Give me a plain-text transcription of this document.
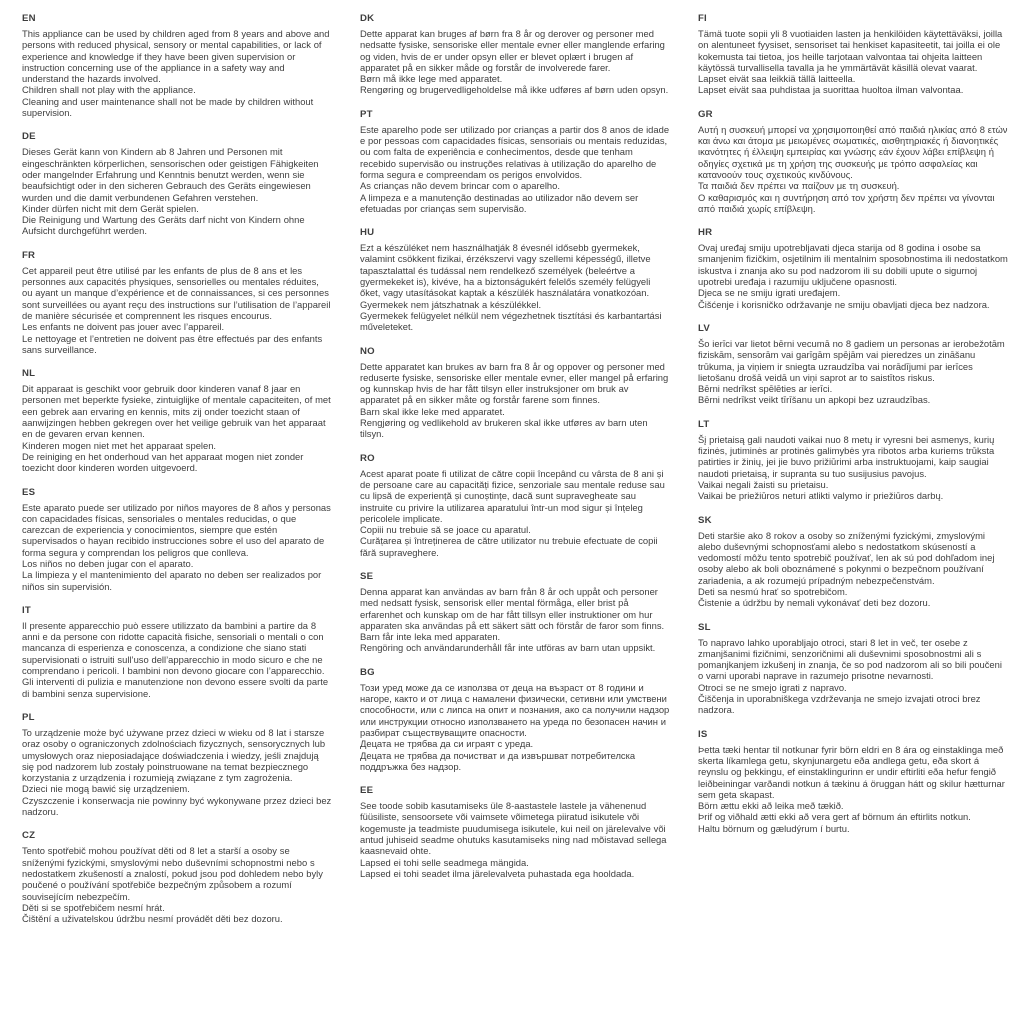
EN

This appliance can be used by children aged from 8 years and above and persons with reduced physical, sensory or mental capabilities, or lack of experience and knowledge if they have been given supervision or instruction concerning use of the appliance in a safety way and understand the hazards involved.

Children shall not play with the appliance.

Cleaning and user maintenance shall not be made by children without supervision.

DE

Dieses Gerät kann von Kindern ab 8 Jahren und Personen mit eingeschränkten körperlichen, sensorischen oder geistigen Fähigkeiten oder mangelnder Erfahrung und Kenntnis benutzt werden, wenn sie beaufsichtigt oder in den sicheren Gebrauch des Geräts eingewiesen wurden und die damit verbundenen Gefahren verstehen.

Kinder dürfen nicht mit dem Gerät spielen.

Die Reinigung und Wartung des Geräts darf nicht von Kindern ohne Aufsicht durchgeführt werden.

FR

Cet appareil peut être utilisé par les enfants de plus de 8 ans et les personnes aux capacités physiques, sensorielles ou mentales réduites, ou ayant un manque d’expérience et de connaissances, si ces personnes sont surveillées ou ayant reçu des instructions sur l’utilisation de l’appareil de manière sécurisée et comprennent les risques encourus.

Les enfants ne doivent pas jouer avec l’appareil.

Le nettoyage et l’entretien ne doivent pas être effectués par des enfants sans surveillance.

NL

Dit apparaat is geschikt voor gebruik door kinderen vanaf 8 jaar en personen met beperkte fysieke, zintuiglijke of mentale capaciteiten, of met een gebrek aan ervaring en kennis, mits zij onder toezicht staan of aanwijzingen hebben gekregen over het veilige gebruik van het apparaat en de gevaren ervan kennen.

Kinderen mogen niet met het apparaat spelen.

De reiniging en het onderhoud van het apparaat mogen niet zonder toezicht door kinderen worden uitgevoerd.

ES

Este aparato puede ser utilizado por niños mayores de 8 años y personas con capacidades físicas, sensoriales o mentales reducidas, o que carezcan de experiencia y conocimientos, siempre que estén supervisados o hayan recibido instrucciones sobre el uso del aparato de forma segura y comprendan los peligros que conlleva.

Los niños no deben jugar con el aparato.

La limpieza y el mantenimiento del aparato no deben ser realizados por niños sin supervisión.

IT

Il presente apparecchio può essere utilizzato da bambini a partire da 8 anni e da persone con ridotte capacità fisiche, sensoriali o mentali o con mancanza di esperienza e conoscenza, a condizione che siano stati supervisionati o istruiti sull’uso dell’apparecchio in modo sicuro e che ne comprendano i pericoli. I bambini non devono giocare con l’apparecchio.

Gli interventi di pulizia e manutenzione non devono essere svolti da parte di bambini senza supervisione.

PL

To urządzenie może być używane przez dzieci w wieku od 8 lat i starsze oraz osoby o ograniczonych zdolnościach fizycznych, sensorycznych lub umysłowych oraz nieposiadające doświadczenia i wiedzy, jeśli znajdują się pod nadzorem lub zostały poinstruowane na temat bezpiecznego korzystania z urządzenia i rozumieją związane z tym zagrożenia.

Dzieci nie mogą bawić się urządzeniem.

Czyszczenie i konserwacja nie powinny być wykonywane przez dzieci bez nadzoru.

CZ

Tento spotřebič mohou používat děti od 8 let a starší a osoby se sníženými fyzickými, smyslovými nebo duševními schopnostmi nebo s nedostatkem zkušeností a znalostí, pokud jsou pod dohledem nebo byly poučené o používání spotřebiče bezpečným způsobem a rozumí souvisejícím nebezpečím.

Děti si se spotřebičem nesmí hrát.

Čištění a uživatelskou údržbu nesmí provádět děti bez dozoru.

DK

Dette apparat kan bruges af børn fra 8 år og derover og personer med nedsatte fysiske, sensoriske eller mentale evner eller manglende erfaring og viden, hvis de er under opsyn eller er blevet oplært i brugen af apparatet på en sikker måde og forstår de involverede farer.

Børn må ikke lege med apparatet.

Rengøring og brugervedligeholdelse må ikke udføres af børn uden opsyn.

PT

Este aparelho pode ser utilizado por crianças a partir dos 8 anos de idade e por pessoas com capacidades físicas, sensoriais ou mentais reduzidas, ou com falta de experiência e conhecimentos, desde que tenham recebido supervisão ou instruções relativas à utilização do aparelho de forma segura e compreendam os perigos envolvidos.

As crianças não devem brincar com o aparelho.

A limpeza e a manutenção destinadas ao utilizador não devem ser efetuadas por crianças sem supervisão.

HU

Ezt a készüléket nem használhatják 8 évesnél idősebb gyermekek, valamint csökkent fizikai, érzékszervi vagy szellemi képességű, illetve tapasztalattal és tudással nem rendelkező személyek (beleértve a gyermekeket is), kivéve, ha a biztonságukért felelős személy felügyeli őket, vagy utasításokat kaptak a készülék használatára vonatkozóan.

Gyermekek nem játszhatnak a készülékkel.

Gyermekek felügyelet nélkül nem végezhetnek tisztítási és karbantartási műveleteket.

NO

Dette apparatet kan brukes av barn fra 8 år og oppover og personer med reduserte fysiske, sensoriske eller mentale evner, eller mangel på erfaring og kunnskap hvis de har fått tilsyn eller instruksjoner om bruk av apparatet på en sikker måte og forstår farene som finnes.

Barn skal ikke leke med apparatet.

Rengjøring og vedlikehold av brukeren skal ikke utføres av barn uten tilsyn.

RO

Acest aparat poate fi utilizat de către copii începând cu vârsta de 8 ani și de persoane care au capacități fizice, senzoriale sau mentale reduse sau cu lipsă de experiență și cunoștințe, dacă sunt supravegheate sau instruite cu privire la utilizarea aparatului într-un mod sigur și înțeleg pericolele implicate.

Copiii nu trebuie să se joace cu aparatul.

Curățarea și întreținerea de către utilizator nu trebuie efectuate de copii fără supraveghere.

SE

Denna apparat kan användas av barn från 8 år och uppåt och personer med nedsatt fysisk, sensorisk eller mental förmåga, eller brist på erfarenhet och kunskap om de har fått tillsyn eller instruktioner om hur apparaten ska användas på ett säkert sätt och förstår de faror som finns.

Barn får inte leka med apparaten.

Rengöring och användarunderhåll får inte utföras av barn utan uppsikt.

BG

Този уред може да се използва от деца на възраст от 8 години и нагоре, както и от лица с намалени физически, сетивни или умствени способности, или с липса на опит и познания, ако са получили надзор или инструкции относно използването на уреда по безопасен начин и разбират съществуващите опасности.

Децата не трябва да си играят с уреда.

Децата не трябва да почистват и да извършват потребителска поддръжка без надзор.

EE

See toode sobib kasutamiseks üle 8-aastastele lastele ja vähenenud füüsiliste, sensoorsete või vaimsete võimetega piiratud isikutele või kogemuste ja teadmiste puudumisega isikutele, kui neil on järelevalve või antud juhiseid seadme ohutuks kasutamiseks ning nad mõistavad sellega kaasnevaid ohte.

Lapsed ei tohi selle seadmega mängida.

Lapsed ei tohi seadet ilma järelevalveta puhastada ega hooldada.

FI

Tämä tuote sopii yli 8 vuotiaiden lasten ja henkilöiden käytettäväksi, joilla on alentuneet fyysiset, sensoriset tai henkiset kapasiteetit, tai joilla ei ole kokemusta tai tietoa, jos heille tarjotaan valvontaa tai ohjeita laitteen käytössä turvallisella tavalla ja he ymmärtävät käsillä olevat vaarat.

Lapset eivät saa leikkiä tällä laitteella.

Lapset eivät saa puhdistaa ja suorittaa huoltoa ilman valvontaa.

GR

Αυτή η συσκευή μπορεί να χρησιμοποιηθεί από παιδιά ηλικίας από 8 ετών και άνω και άτομα με μειωμένες σωματικές, αισθητηριακές ή διανοητικές ικανότητες ή έλλειψη εμπειρίας και γνώσης εάν έχουν λάβει επίβλεψη ή οδηγίες σχετικά με τη χρήση της συσκευής με τρόπο ασφαλείας και κατανοούν τους σχετικούς κινδύνους.

Τα παιδιά δεν πρέπει να παίζουν με τη συσκευή.

Ο καθαρισμός και η συντήρηση από τον χρήστη δεν πρέπει να γίνονται από παιδιά χωρίς επίβλεψη.

HR

Ovaj uređaj smiju upotrebljavati djeca starija od 8 godina i osobe sa smanjenim fizičkim, osjetilnim ili mentalnim sposobnostima ili nedostatkom iskustva i znanja ako su pod nadzorom ili su dobili upute o sigurnoj upotrebi uređaja i razumiju uključene opasnosti.

Djeca se ne smiju igrati uređajem.

Čišćenje i korisničko održavanje ne smiju obavljati djeca bez nadzora.

LV

Šo ierīci var lietot bērni vecumā no 8 gadiem un personas ar ierobežotām fiziskām, sensorām vai garīgām spējām vai pieredzes un zināšanu trūkuma, ja viņiem ir sniegta uzraudzība vai norādījumi par ierīces lietošanu drošā veidā un viņi saprot ar to saistītos riskus.

Bērni nedrīkst spēlēties ar ierīci.

Bērni nedrīkst veikt tīrīšanu un apkopi bez uzraudzības.

LT

Šį prietaisą gali naudoti vaikai nuo 8 metų ir vyresni bei asmenys, kurių fizinės, jutiminės ar protinės galimybės yra ribotos arba kuriems trūksta patirties ir žinių, jei jie buvo prižiūrimi arba instruktuojami, kaip saugiai naudoti prietaisą, ir supranta su tuo susijusius pavojus.

Vaikai negali žaisti su prietaisu.

Vaikai be priežiūros neturi atlikti valymo ir priežiūros darbų.

SK

Deti staršie ako 8 rokov a osoby so zníženými fyzickými, zmyslovými alebo duševnými schopnosťami alebo s nedostatkom skúseností a vedomostí môžu tento spotrebič používať, len ak sú pod dohľadom inej osoby alebo ak boli oboznámené s pokynmi o bezpečnom používaní zariadenia, a ak rozumejú prípadným nebezpečenstvám.

Deti sa nesmú hrať so spotrebičom.

Čistenie a údržbu by nemali vykonávať deti bez dozoru.

SL

To napravo lahko uporabljajo otroci, stari 8 let in več, ter osebe z zmanjšanimi fizičnimi, senzoričnimi ali duševnimi sposobnostmi ali s pomanjkanjem izkušenj in znanja, če so pod nadzorom ali so bili poučeni o varni uporabi naprave in razumejo prisotne nevarnosti.

Otroci se ne smejo igrati z napravo.

Čiščenja in uporabniškega vzdrževanja ne smejo izvajati otroci brez nadzora.

IS

Þetta tæki hentar til notkunar fyrir börn eldri en 8 ára og einstaklinga með skerta líkamlega getu, skynjunargetu eða andlega getu, eða skort á reynslu og þekkingu, ef einstaklingurinn er undir eftirliti eða hefur fengið leiðbeiningar varðandi notkun á tækinu á öruggan hátt og skilur hætturnar sem geta skapast.

Börn ættu ekki að leika með tækið.

Þrif og viðhald ætti ekki að vera gert af börnum án eftirlits notkun.

Haltu börnum og gæludýrum í burtu.
